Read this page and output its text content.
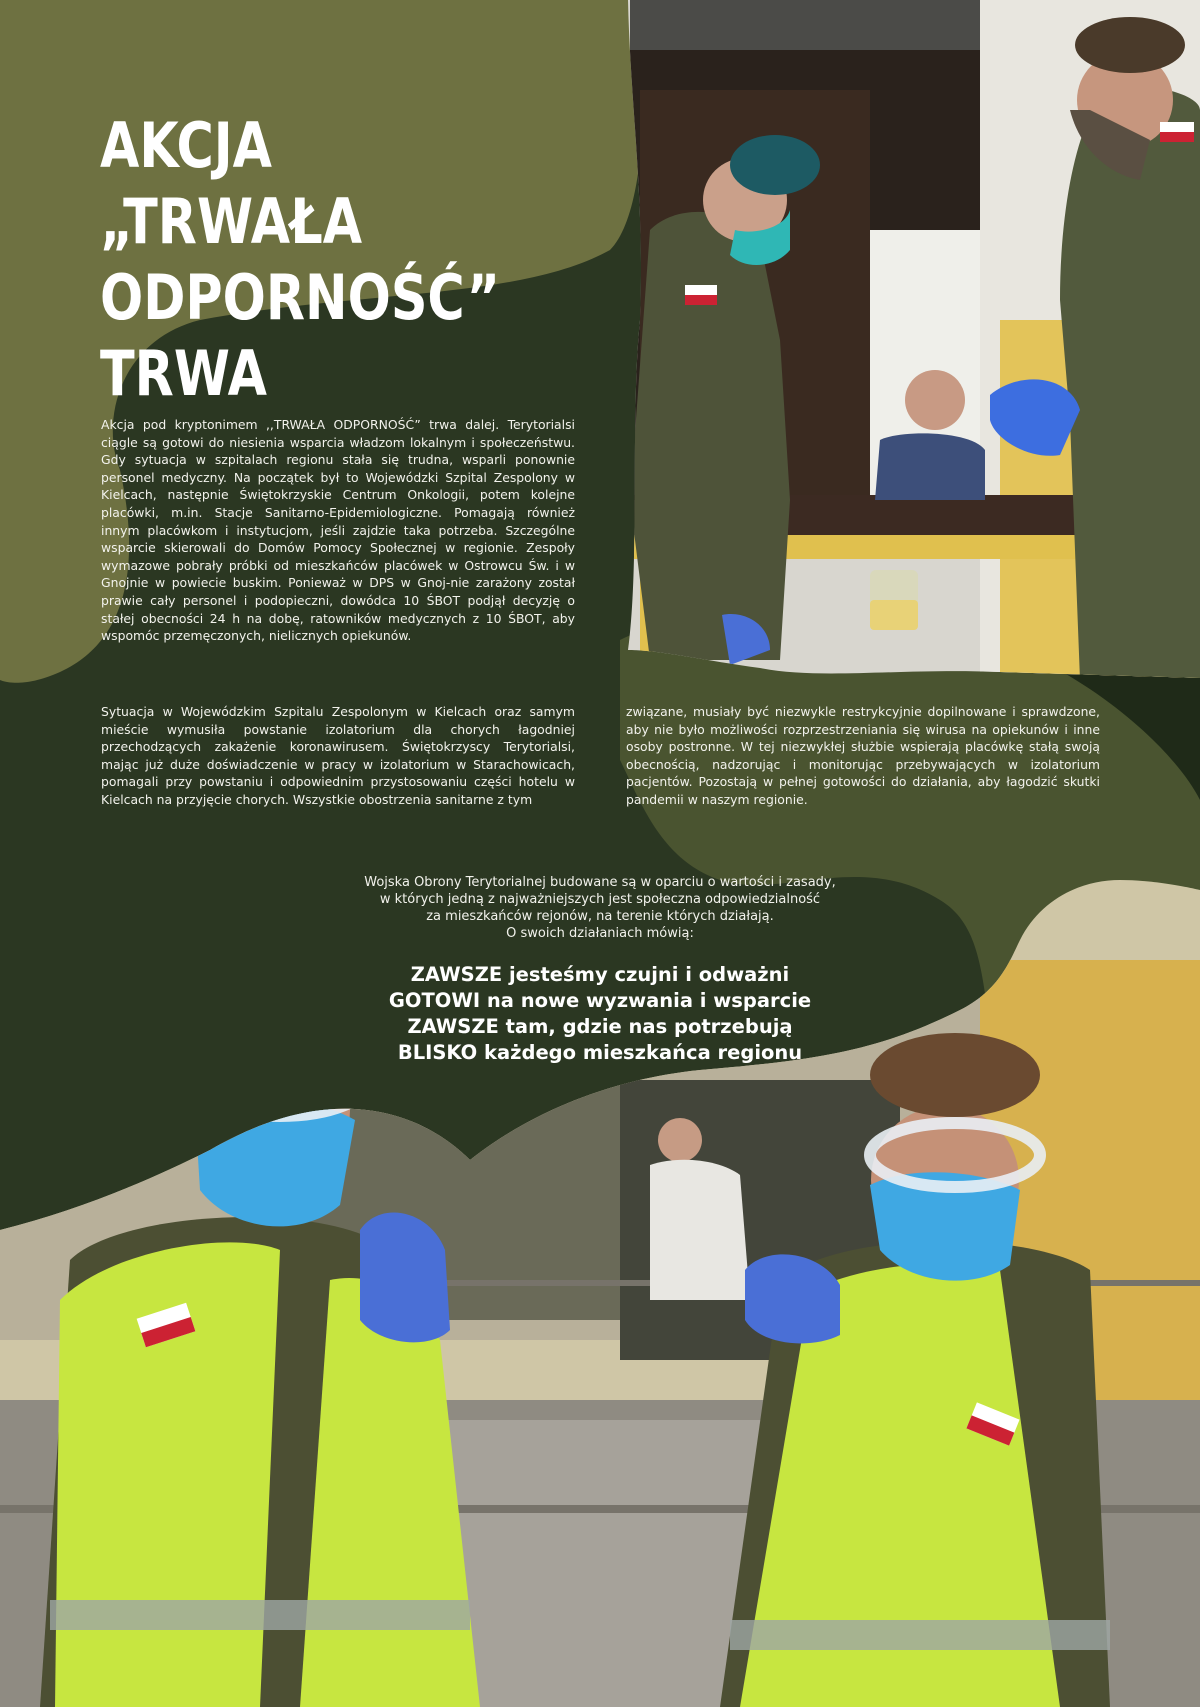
AKCJA „TRWAŁA
ODPORNOŚĆ”
TRWA

Akcja pod kryptonimem ,,TRWAŁA ODPORNOŚĆ” trwa dalej. Terytorialsi ciągle są gotowi do niesienia wsparcia władzom lokalnym i społeczeństwu. Gdy sytuacja w szpitalach regionu stała się trudna, wsparli ponownie personel medyczny. Na początek był to Wojewódzki Szpital Zespolony w Kielcach, następnie Świętokrzyskie Centrum Onkologii, potem kolejne placówki, m.in. Stacje Sanitarno-Epidemiologiczne. Pomagają również innym placówkom i instytucjom, jeśli zajdzie taka potrzeba. Szczególne wsparcie skierowali do Domów Pomocy Społecznej w regionie. Zespoły wymazowe pobrały próbki od mieszkańców placówek w Ostrowcu Św. i w Gnojnie w powiecie buskim. Ponieważ w DPS w Gnoj-nie zarażony został prawie cały personel i podopieczni, dowódca 10 ŚBOT podjął decyzję o stałej obecności 24 h na dobę, ratowników medycznych z 10 ŚBOT, aby wspomóc przemęczonych, nielicznych opiekunów.

Sytuacja w Wojewódzkim Szpitalu Zespolonym w Kielcach oraz samym mieście wymusiła powstanie izolatorium dla chorych łagodniej przechodzących zakażenie koronawirusem. Świętokrzyscy Terytorialsi, mając już duże doświadczenie w pracy w izolatorium w Starachowicach, pomagali przy powstaniu i odpowiednim przystosowaniu części hotelu w Kielcach na przyjęcie chorych. Wszystkie obostrzenia sanitarne z tym

związane, musiały być niezwykle restrykcyjnie dopilnowane i sprawdzone, aby nie było możliwości rozprzestrzeniania się wirusa na opiekunów i inne osoby postronne. W tej niezwykłej służbie wspierają placówkę stałą swoją obecnością, nadzorując i monitorując przebywających w izolatorium pacjentów. Pozostają w pełnej gotowości do działania, aby łagodzić skutki pandemii w naszym regionie.

Wojska Obrony Terytorialnej budowane są w oparciu o wartości i zasady,
w których jedną z najważniejszych jest społeczna odpowiedzialność
za mieszkańców rejonów, na terenie których działają.
O swoich działaniach mówią:

ZAWSZE jesteśmy czujni i odważni
GOTOWI na nowe wyzwania i wsparcie
ZAWSZE tam, gdzie nas potrzebują
BLISKO każdego mieszkańca regionu
